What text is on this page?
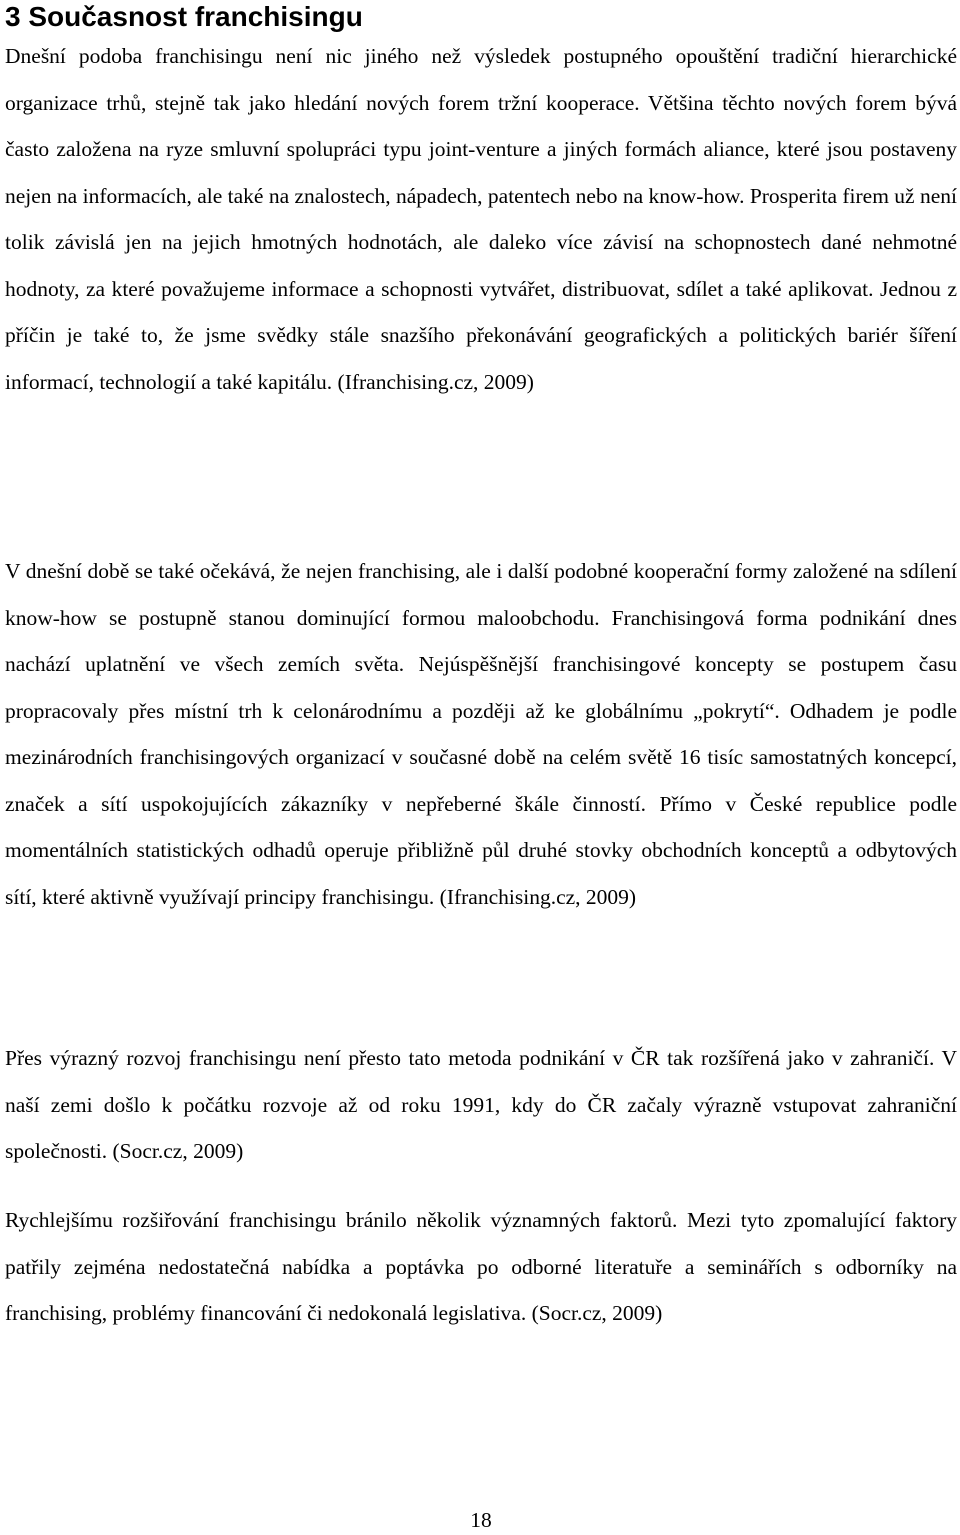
3 Současnost franchisingu

Dnešní podoba franchisingu není nic jiného než výsledek postupného opouštění tradiční hierarchické organizace trhů, stejně tak jako hledání nových forem tržní kooperace. Většina těchto nových forem bývá často založena na ryze smluvní spolupráci typu joint-venture a jiných formách aliance, které jsou postaveny nejen na informacích, ale také na znalostech, nápadech, patentech nebo na know-how. Prosperita firem už není tolik závislá jen na jejich hmotných hodnotách, ale daleko více závisí na schopnostech dané nehmotné hodnoty, za které považujeme informace a schopnosti vytvářet, distribuovat, sdílet a také aplikovat. Jednou z příčin je také to, že jsme svědky stále snazšího překonávání geografických a politických bariér šíření informací, technologií a také kapitálu. (Ifranchising.cz, 2009)

V dnešní době se také očekává, že nejen franchising, ale i další podobné kooperační formy založené na sdílení know-how se postupně stanou dominující formou maloobchodu. Franchisingová forma podnikání dnes nachází uplatnění ve všech zemích světa. Nejúspěšnější franchisingové koncepty se postupem času propracovaly přes místní trh k celonárodnímu a později až ke globálnímu „pokrytí“. Odhadem je podle mezinárodních franchisingových organizací v současné době na celém světě 16 tisíc samostatných koncepcí, značek a sítí uspokojujících zákazníky v nepřeberné škále činností. Přímo v České republice podle momentálních statistických odhadů operuje přibližně půl druhé stovky obchodních konceptů a odbytových sítí, které aktivně využívají principy franchisingu. (Ifranchising.cz, 2009)

Přes výrazný rozvoj franchisingu není přesto tato metoda podnikání v ČR tak rozšířená jako v zahraničí. V naší zemi došlo k počátku rozvoje až od roku 1991, kdy do ČR začaly výrazně vstupovat zahraniční společnosti. (Socr.cz, 2009)

Rychlejšímu rozšiřování franchisingu bránilo několik významných faktorů. Mezi tyto zpomalující faktory patřily zejména nedostatečná nabídka a poptávka po odborné literatuře a seminářích s odborníky na franchising, problémy financování či nedokonalá legislativa. (Socr.cz, 2009)

18
